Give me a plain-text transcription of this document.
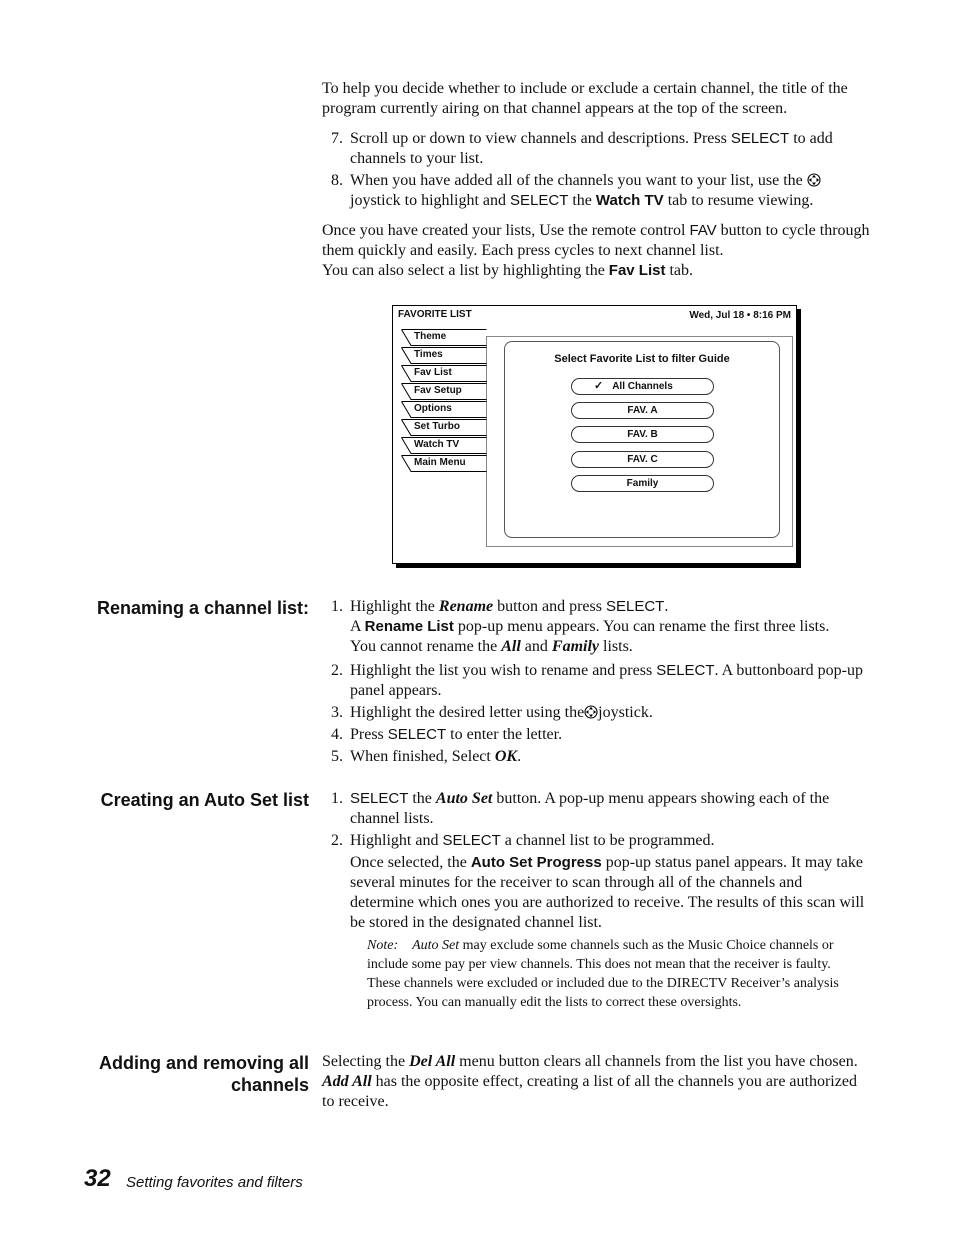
To help you decide whether to include or exclude a certain channel, the title of the program currently airing on that channel appears at the top of the screen.

7. Scroll up or down to view channels and descriptions. Press SELECT to add channels to your list.
8. When you have added all of the channels you want to your list, use the
joystick to highlight and SELECT the Watch TV tab to resume viewing.

Once you have created your lists, Use the remote control FAV button to cycle through them quickly and easily. Each press cycles to next channel list.
You can also select a list by highlighting the Fav List tab.

FAVORITE LIST	Wed, Jul 18 • 8:16 PM
Theme
Times
Fav List
Fav Setup
Options
Set Turbo
Watch TV
Main Menu
Select Favorite List to filter Guide
✓ All Channels
FAV. A
FAV. B
FAV. C
Family
Renaming a channel list: 1. Highlight the Rename button and press SELECT.
A Rename List pop-up menu appears. You can rename the first three lists.
You cannot rename the All and Family lists.
2. Highlight the list you wish to rename and press SELECT. A buttonboard pop-up panel appears.
3. Highlight the desired letter using the joystick.
4. Press SELECT to enter the letter.
5. When finished, Select OK.
Creating an Auto Set list 1. SELECT the Auto Set button. A pop-up menu appears showing each of the channel lists.
2. Highlight and SELECT a channel list to be programmed.

Once selected, the Auto Set Progress pop-up status panel appears. It may take several minutes for the receiver to scan through all of the channels and determine which ones you are authorized to receive. The results of this scan will be stored in the designated channel list.

Note: Auto Set may exclude some channels such as the Music Choice channels or include some pay per view channels. This does not mean that the receiver is faulty. These channels were excluded or included due to the DIRECTV Receiver’s analysis process. You can manually edit the lists to correct these oversights.

Adding and removing all
channels

Selecting the Del All menu button clears all channels from the list you have chosen. Add All has the opposite effect, creating a list of all the channels you are authorized to receive.

32 Setting favorites and filters
